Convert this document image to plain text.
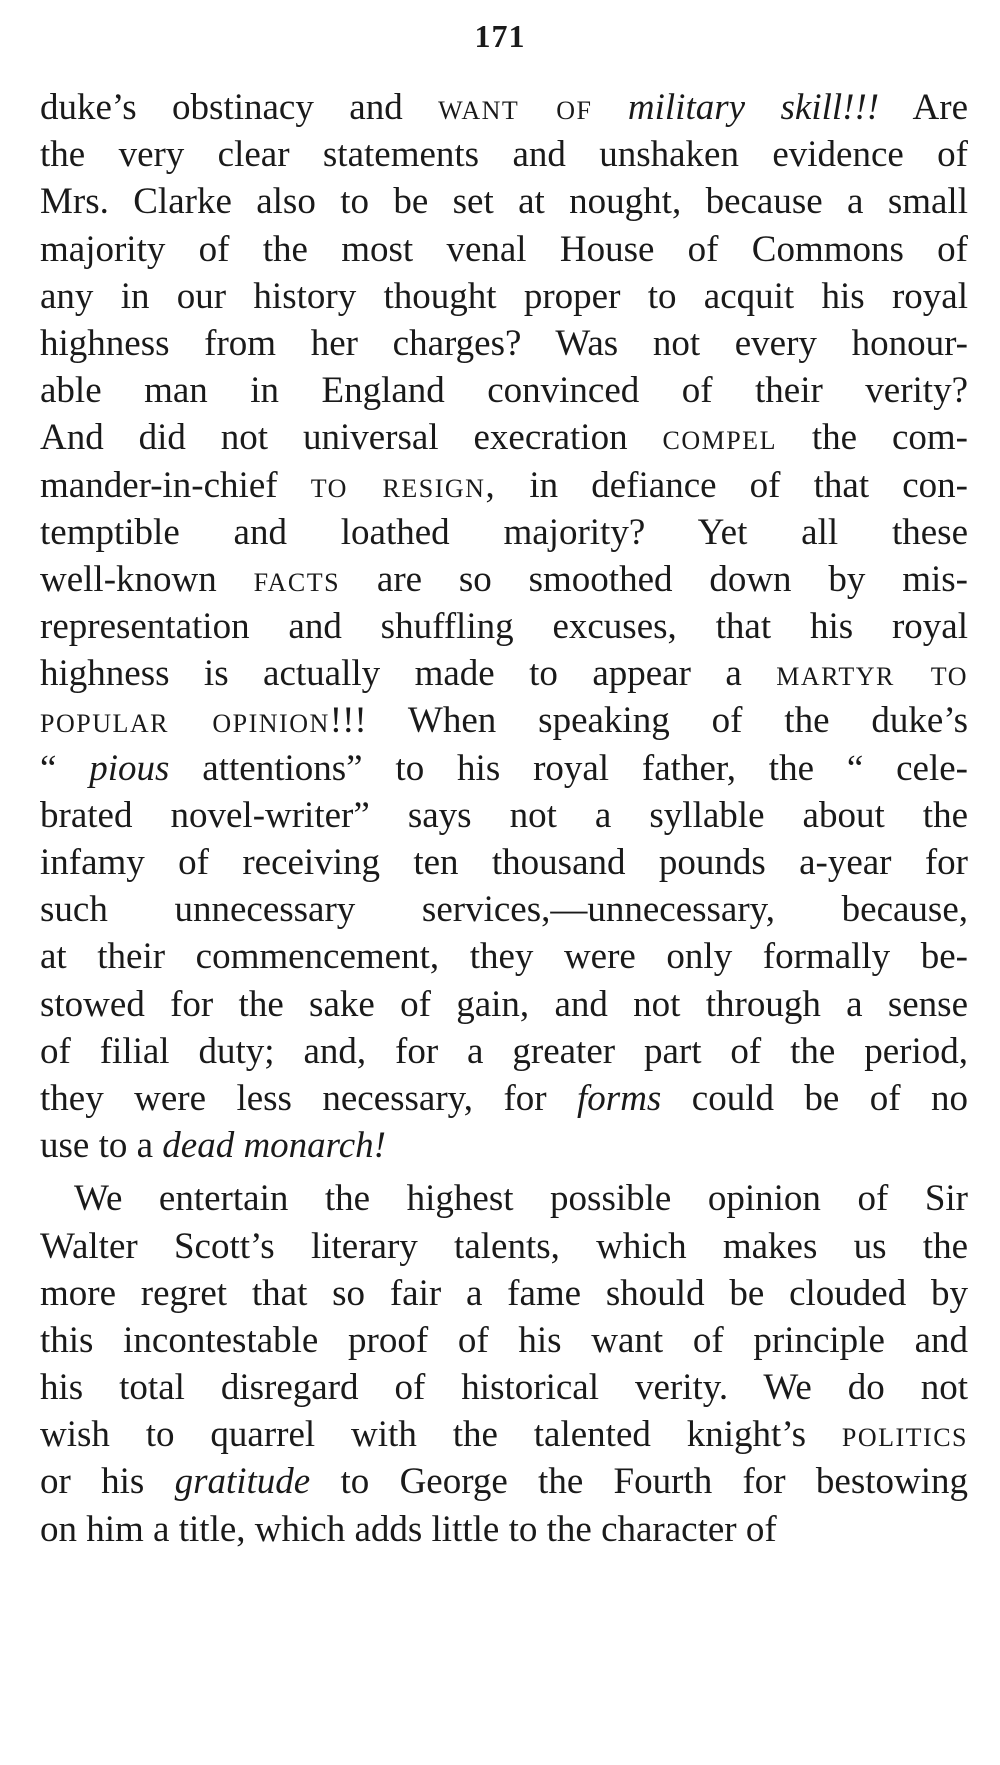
171
duke’s obstinacy and want of military skill!!! Are
the very clear statements and unshaken evidence of
Mrs. Clarke also to be set at nought, because a small
majority of the most venal House of Commons of
any in our history thought proper to acquit his royal
highness from her charges? Was not every honour-
able man in England convinced of their verity?
And did not universal execration compel the com-
mander-in-chief to resign, in defiance of that con-
temptible and loathed majority? Yet all these
well-known facts are so smoothed down by mis-
representation and shuffling excuses, that his royal
highness is actually made to appear a martyr to
popular opinion!!! When speaking of the duke’s
“ pious attentions” to his royal father, the “ cele-
brated novel-writer” says not a syllable about the
infamy of receiving ten thousand pounds a-year for
such unnecessary services,—unnecessary, because,
at their commencement, they were only formally be-
stowed for the sake of gain, and not through a sense
of filial duty; and, for a greater part of the period,
they were less necessary, for forms could be of no
use to a dead monarch!
We entertain the highest possible opinion of Sir
Walter Scott’s literary talents, which makes us the
more regret that so fair a fame should be clouded by
this incontestable proof of his want of principle and
his total disregard of historical verity. We do not
wish to quarrel with the talented knight’s politics
or his gratitude to George the Fourth for bestowing
on him a title, which adds little to the character of
